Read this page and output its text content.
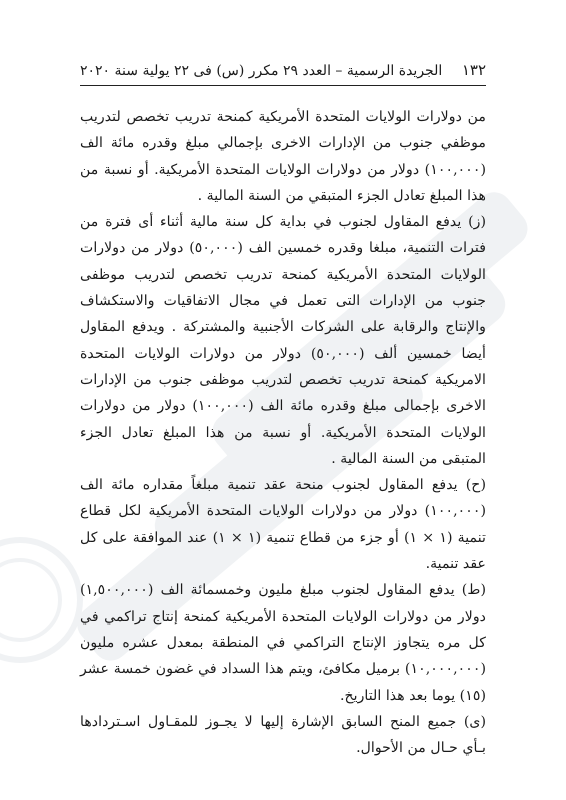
١٣٢
الجريدة الرسمية – العدد ٢٩ مكرر (س) فى ٢٢ يولية سنة ٢٠٢٠

من دولارات الولايات المتحدة الأمريكية كمنحة تدريب تخصص لتدريب موظفي جنوب من الإدارات الاخرى بإجمالي مبلغ وقدره مائة الف (١٠٠,٠٠٠) دولار من دولارات الولايات المتحدة الأمريكية. أو نسبة من هذا المبلغ تعادل الجزء المتبقي من السنة المالية .

(ز) يدفع المقاول لجنوب في بداية كل سنة مالية أثناء أى فترة من فترات التنمية، مبلغا وقدره خمسين الف (٥٠,٠٠٠) دولار من دولارات الولايات المتحدة الأمريكية كمنحة تدريب تخصص لتدريب موظفى جنوب من الإدارات التى تعمل في مجال الاتفاقيات والاستكشاف والإنتاج والرقابة على الشركات الأجنبية والمشتركة . ويدفع المقاول أيضا خمسين ألف (٥٠,٠٠٠) دولار من دولارات الولايات المتحدة الامريكية كمنحة تدريب تخصص لتدريب موظفى جنوب من الإدارات الاخرى بإجمالى مبلغ وقدره مائة الف (١٠٠,٠٠٠) دولار من دولارات الولايات المتحدة الأمريكية. أو نسبة من هذا المبلغ تعادل الجزء المتبقى من السنة المالية .

(ح) يدفع المقاول لجنوب منحة عقد تنمية مبلغاً مقداره مائة الف (١٠٠,٠٠٠) دولار من دولارات الولايات المتحدة الأمريكية لكل قطاع تنمية (١ × ١) أو جزء من قطاع تنمية (١ × ١) عند الموافقة على كل عقد تنمية.

(ط) يدفع المقاول لجنوب مبلغ مليون وخمسمائة الف (١,٥٠٠,٠٠٠) دولار من دولارات الولايات المتحدة الأمريكية كمنحة إنتاج تراكمي في كل مره يتجاوز الإنتاج التراكمي في المنطقة بمعدل عشره مليون (١٠,٠٠٠,٠٠٠) برميل مكافئ، ويتم هذا السداد في غضون خمسة عشر (١٥) يوما بعد هذا التاريخ.

(ى) جميع المنح السابق الإشارة إليها لا يجـوز للمقـاول اسـتردادها بـأي حـال من الأحوال.
